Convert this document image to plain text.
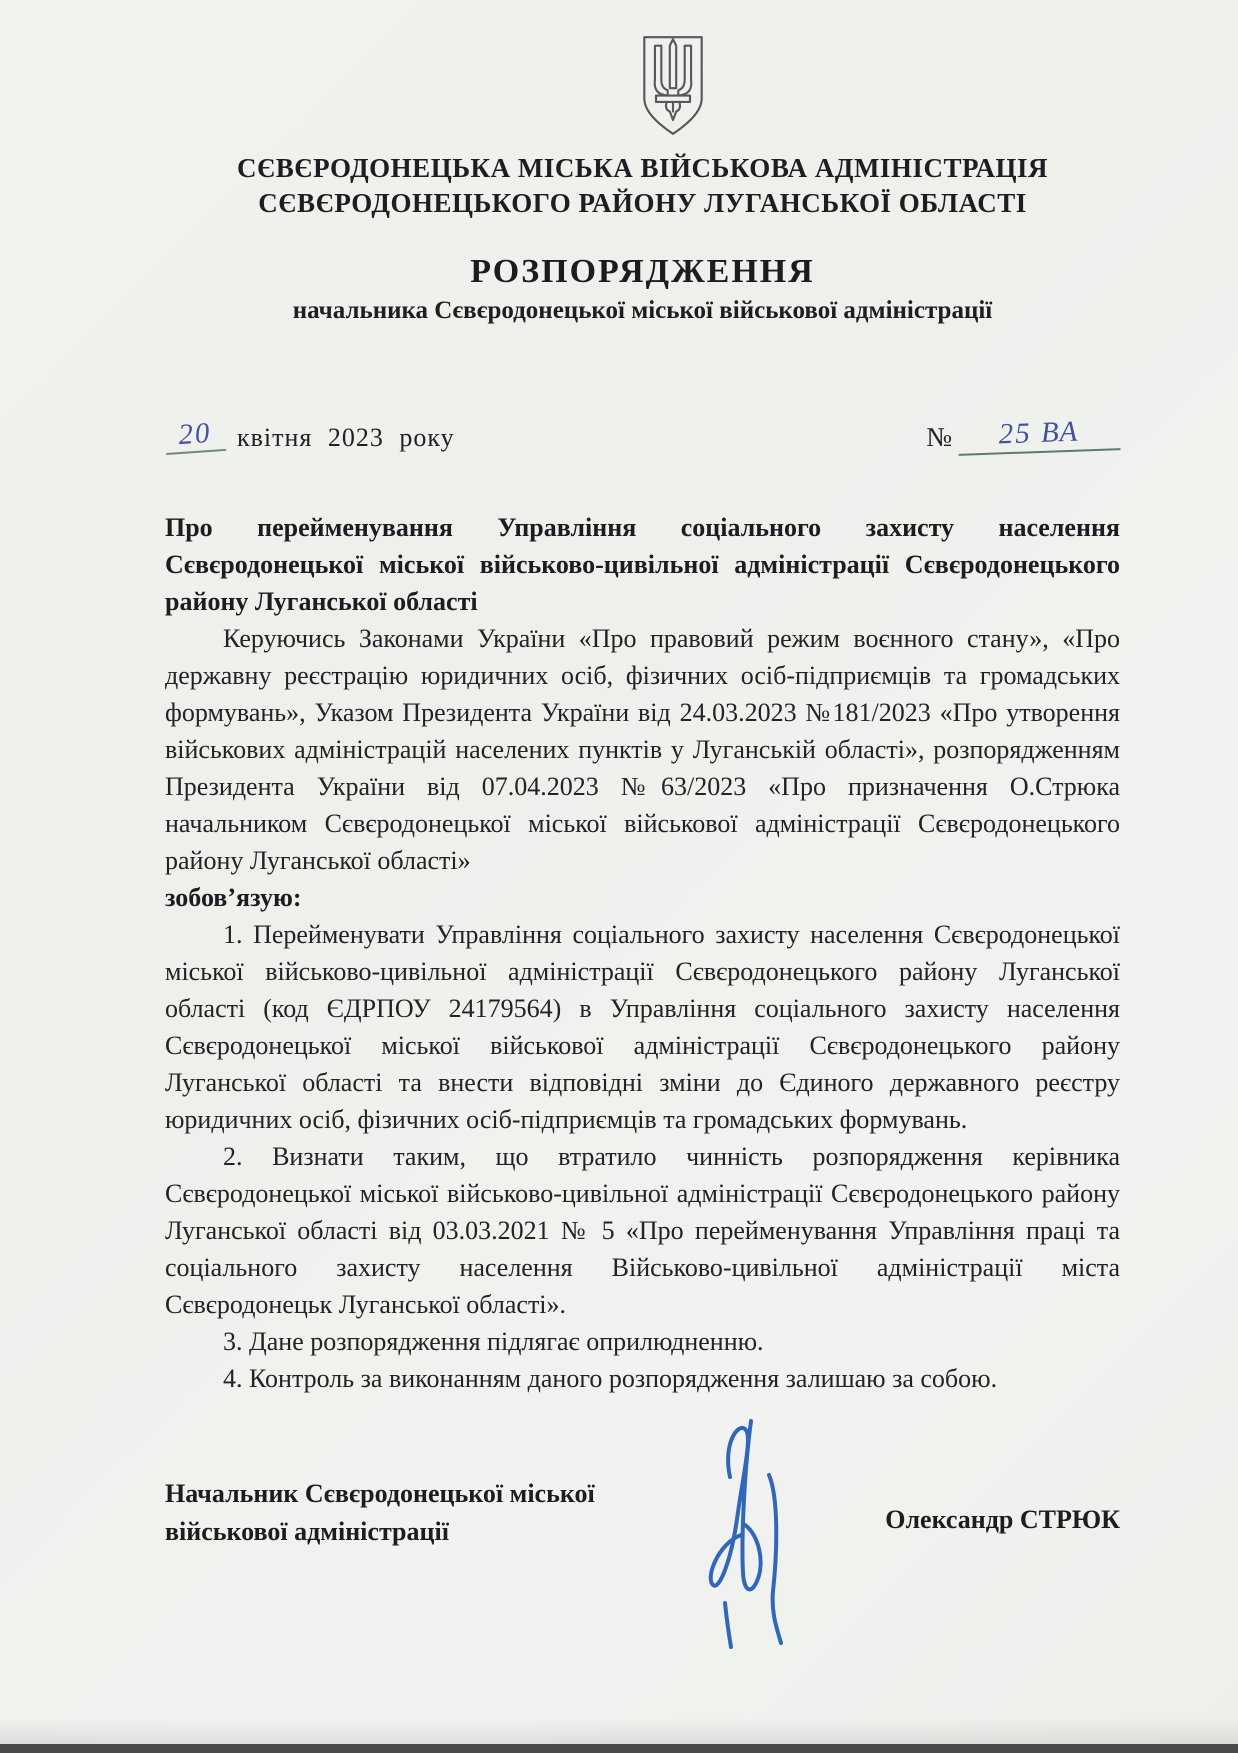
СЄВЄРОДОНЕЦЬКА МІСЬКА ВІЙСЬКОВА АДМІНІСТРАЦІЯ
СЄВЄРОДОНЕЦЬКОГО РАЙОНУ ЛУГАНСЬКОЇ ОБЛАСТІ
РОЗПОРЯДЖЕННЯ
начальника Сєвєродонецької міської військової адміністрації
20 квітня 2023 року	№	25 ВА
Про перейменування Управління соціального захисту населення Сєвєродонецької міської військово-цивільної адміністрації Сєвєродонецького району Луганської області

Керуючись Законами України «Про правовий режим воєнного стану», «Про державну реєстрацію юридичних осіб, фізичних осіб-підприємців та громадських формувань», Указом Президента України від 24.03.2023 №181/2023 «Про утворення військових адміністрацій населених пунктів у Луганській області», розпорядженням Президента України від 07.04.2023 №63/2023 «Про призначення О.Стрюка начальником Сєвєродонецької міської військової адміністрації Сєвєродонецького району Луганської області»

зобов’язую:

1. Перейменувати Управління соціального захисту населення Сєвєродонецької міської військово-цивільної адміністрації Сєвєродонецького району Луганської області (код ЄДРПОУ 24179564) в Управління соціального захисту населення Сєвєродонецької міської військової адміністрації Сєвєродонецького району Луганської області та внести відповідні зміни до Єдиного державного реєстру юридичних осіб, фізичних осіб-підприємців та громадських формувань.

2. Визнати таким, що втратило чинність розпорядження керівника Сєвєродонецької міської військово-цивільної адміністрації Сєвєродонецького району Луганської області від 03.03.2021 № 5 «Про перейменування Управління праці та соціального захисту населення Військово-цивільної адміністрації міста Сєвєродонецьк Луганської області».

3. Дане розпорядження підлягає оприлюдненню.

4. Контроль за виконанням даного розпорядження залишаю за собою.

Начальник Сєвєродонецької міської
військової адміністрації	Олександр СТРЮК
